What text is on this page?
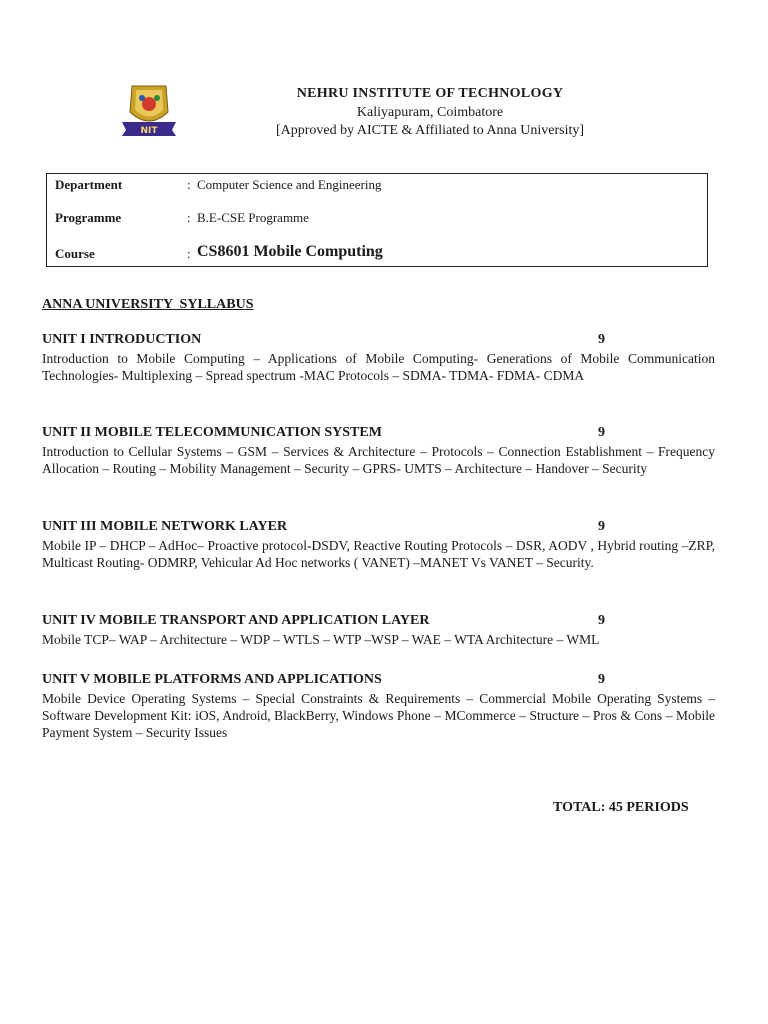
NIT
NEHRU INSTITUTE OF TECHNOLOGY
Kaliyapuram, Coimbatore
[Approved by AICTE & Affiliated to Anna University]
Department	: Computer Science and Engineering
Programme	: B.E-CSE Programme
Course	: CS8601 Mobile Computing
ANNA UNIVERSITY  SYLLABUS
UNIT I INTRODUCTION	9
Introduction to Mobile Computing – Applications of Mobile Computing- Generations of Mobile Communication Technologies- Multiplexing – Spread spectrum -MAC Protocols – SDMA- TDMA- FDMA- CDMA
UNIT II MOBILE TELECOMMUNICATION SYSTEM	9
Introduction to Cellular Systems – GSM – Services & Architecture – Protocols – Connection Establishment – Frequency Allocation – Routing – Mobility Management – Security – GPRS- UMTS – Architecture – Handover – Security
UNIT III MOBILE NETWORK LAYER	9
Mobile IP – DHCP – AdHoc– Proactive protocol-DSDV, Reactive Routing Protocols – DSR, AODV , Hybrid routing –ZRP, Multicast Routing- ODMRP, Vehicular Ad Hoc networks ( VANET) –MANET Vs VANET – Security.
UNIT IV MOBILE TRANSPORT AND APPLICATION LAYER	9
Mobile TCP– WAP – Architecture – WDP – WTLS – WTP –WSP – WAE – WTA Architecture – WML
UNIT V MOBILE PLATFORMS AND APPLICATIONS	9
Mobile Device Operating Systems – Special Constraints & Requirements – Commercial Mobile Operating Systems – Software Development Kit: iOS, Android, BlackBerry, Windows Phone – MCommerce – Structure – Pros & Cons – Mobile Payment System – Security Issues
TOTAL: 45 PERIODS
